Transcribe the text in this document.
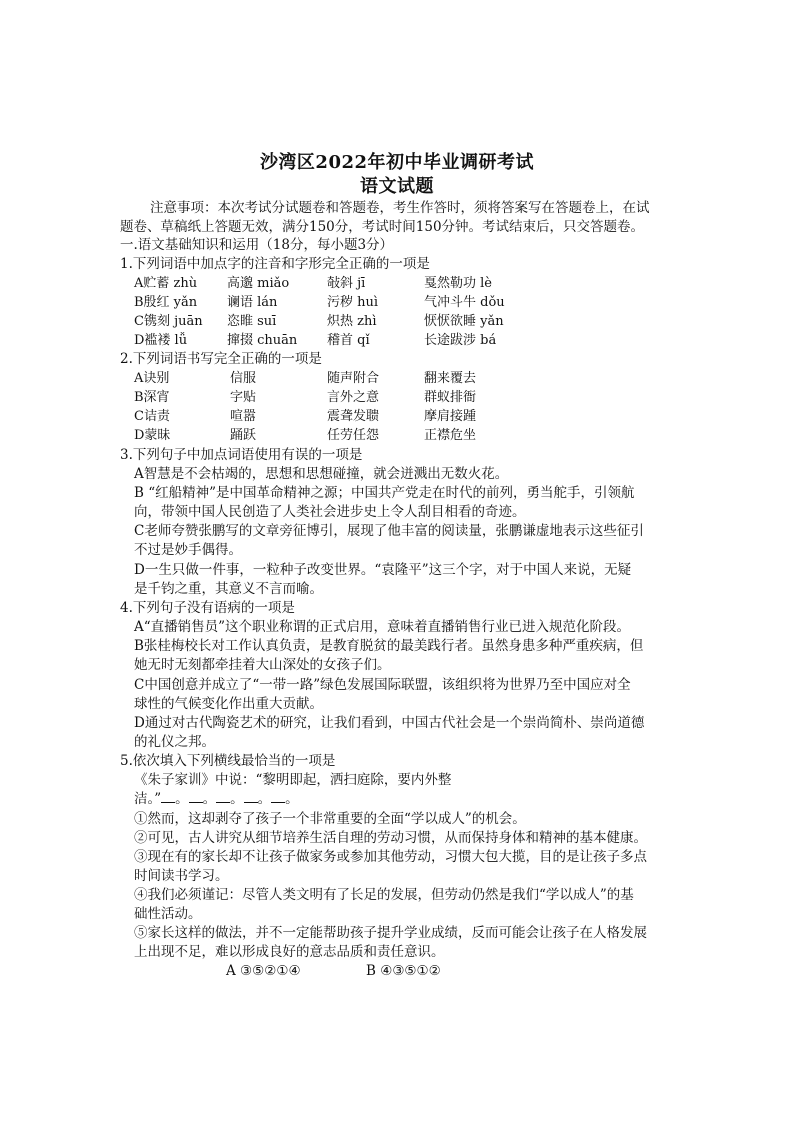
沙湾区2022年初中毕业调研考试
语文试题
注意事项：本次考试分试题卷和答题卷，考生作答时，须将答案写在答题卷上，在试
题卷、草稿纸上答题无效，满分150分，考试时间150分钟。考试结束后，只交答题卷。
一.语文基础知识和运用（18分，每小题3分）
1.下列词语中加点字的注音和字形完全正确的一项是
A贮蓄 zhù 高邈 miǎo	敧斜 jī	戛然勒功 lè
B殷红 yǎn 谰语 lán	污秽 huì	气冲斗牛 dǒu
C镌刻 juān 恣睢 suī	炽热 zhì	恹恹欲睡 yǎn
D褴褛 lǚ	撺掇 chuān 稽首 qǐ	长途跋涉 bá
2.下列词语书写完全正确的一项是
A诀别	信服	随声附合	翻来覆去
B深宵	字贴	言外之意	群蚁排衙
C诘责	喧嚣	震聋发聩	摩肩接踵
D蒙昧	踊跃	任劳任怨	正襟危坐
3.下列句子中加点词语使用有误的一项是
A智慧是不会枯竭的，思想和思想碰撞，就会迸溅出无数火花。
B “红船精神”是中国革命精神之源；中国共产党走在时代的前列，勇当舵手，引领航
向，带领中国人民创造了人类社会进步史上令人刮目相看的奇迹。
C老师夸赞张鹏写的文章旁征博引，展现了他丰富的阅读量，张鹏谦虚地表示这些征引
不过是妙手偶得。
D一生只做一件事，一粒种子改变世界。“袁隆平”这三个字，对于中国人来说，无疑
是千钧之重，其意义不言而喻。
4.下列句子没有语病的一项是
A“直播销售员”这个职业称谓的正式启用，意味着直播销售行业已进入规范化阶段。
B张桂梅校长对工作认真负责，是教育脱贫的最美践行者。虽然身患多种严重疾病，但
她无时无刻都牵挂着大山深处的女孩子们。
C中国创意并成立了“一带一路”绿色发展国际联盟，该组织将为世界乃至中国应对全
球性的气候变化作出重大贡献。
D通过对古代陶瓷艺术的研究，让我们看到，中国古代社会是一个崇尚简朴、崇尚道德
的礼仪之邦。
5.依次填入下列横线最恰当的一项是
《朱子家训》中说：“黎明即起，洒扫庭除，要内外整
洁。” 。 。 。 。 。
①然而，这却剥夺了孩子一个非常重要的全面“学以成人”的机会。
②可见，古人讲究从细节培养生活自理的劳动习惯，从而保持身体和精神的基本健康。
③现在有的家长却不让孩子做家务或参加其他劳动，习惯大包大揽，目的是让孩子多点
时间读书学习。
④我们必须谨记：尽管人类文明有了长足的发展，但劳动仍然是我们“学以成人”的基
础性活动。
⑤家长这样的做法，并不一定能帮助孩子提升学业成绩，反而可能会让孩子在人格发展
上出现不足，难以形成良好的意志品质和责任意识。
A ③⑤②①④	B ④③⑤①②
